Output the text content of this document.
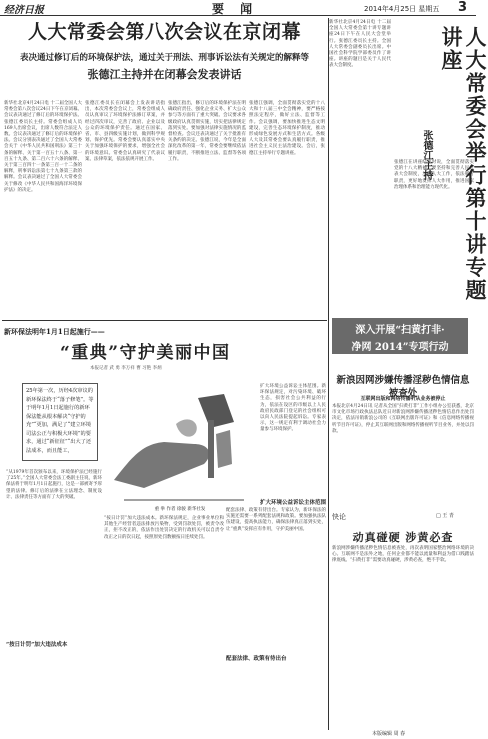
经济日报	要 闻	2014年4月25日 星期五 3
人大常委会第八次会议在京闭幕
表决通过修订后的环境保护法，通过关于刑法、刑事诉讼法有关规定的解释等
张德江主持并在闭幕会发表讲话
新华社北京4月24日电 十二届全国人大常委会第八次会议24日下午在京闭幕。会议表决通过了修订后的环境保护法。张德江委员长主持。常委会组成人员169人出席会议，出席人数符合法定人数。会议表决通过了修订后的环境保护法。会议分别表决通过了全国人大常委会关于《中华人民共和国刑法》第三十条的解释、关于第一百五十八条、第一百五十九条、第二百六十六条的解释、关于第三百四十一条第三百一十二条的解释，刑事诉讼法第七十九条第三款的解释。会议表决通过了全国人大常委会关于修改《中华人民共和国海洋环境保护法》的决定。
张德江委员长在闭幕会上发表讲话指出，本次常委会会议上，常委会组成人员认真审议了环境保护法修订草案，并经过四次审议，完善了政府、企业以及公众的环境保护责任。通过在国家、省、市、县四级实施计划，做到科学规划、保护优先。常委会要认真落实中央关于加强环境保护的要求，增强全社会的环境意识。常委会认真研究了代表议案、法律草案，依法依规开展工作。
张德江指出，修订后的环境保护法在明确政府责任、强化企业义务、扩大公众参与等方面有了重大突破。会议要求各级政府认真贯彻实施，切实把法律规定落到实处。要加强对法律实施情况的监督检查。会议还表决通过了关于批准有关条约的决定。张德江说，今年是全面深化改革的第一年，常委会要继续依法履行职责，不断推进立法、监督等各项工作。
张德江强调，全面贯彻落实党的十八大和十八届三中全会精神，要严格按照法定程序，做好立法、监督等工作。会议强调，要加快推进生态文明建设，完善生态环境保护制度，推动形成绿色发展方式和生活方式。各级人大及其常委会要认真履行职责，推进社会主义民主法治建设。会后，张德江主持举行专题讲座。
新华社北京4月24日电 十二届全国人大常委会第十讲专题讲座24日下午在人民大会堂举行。张德江委员长主持。全国人大常委会副委员长出席。中国社会科学院学部委员作了讲座。讲座的题目是关于人民代表大会制度。
张德江在讲座结束时说，全面贯彻落实党的十八大精神，要坚持和完善人民代表大会制度，加强人大工作，依法履行职责，更好地发挥人大作用，推进国家治理体系和治理能力现代化。 人大常委会举行第十讲专题讲座
张德江主持
深入开展“扫黄打非·
净网 2014”专项行动
新浪因网涉嫌传播淫秽色情信息被查处
互联网出版和网络传播听从业务被停止
本报北京4月24日讯 记者从全国“扫黄打非”工作小组办公室获悉，北京市文化市场行政执法总队近日对新浪网涉嫌传播淫秽色情信息作出处罚决定，依法吊销新浪公司的《互联网出版许可证》和《信息网络传播视听节目许可证》，停止其互联网出版和网络传播视听节目业务，并处以罚款。
快论	□ 王 青
动真碰硬 涉黄必查
新浪网涉嫌传播淫秽色情信息被查处，再次表明国家整治网络环境的决心。互联网不是法外之地，任何企业都不能以流量和利益为借口践踏法律底线。“扫黄打非”需要动真碰硬，涉黄必查，绝不手软。
新环保法明年1月1日起施行——
“重典”守护美丽中国
本报记者 武 勇 李万祥 曹 习艳 李炳
25年第一次，历经4次审议的新环保法终于“落子修笔”。等于明年1月1日起施行的新环保法能从根本解决“守护的充”“更加，满足了“建立环境司法公正与积极大环境”的要求，通过“新征征”“出大了还法成本，而且能工，
重 拳 作者 徐骏 新华社发
“从1979年首次颁布以来，环境保护法已经施行了25年。”全国人大常委会法工委副主任说，新环保法将于明年1月1日起施行，这是一部被寄予厚望的法律。修订后的法律在立法理念、制度设计、法律责任等方面有了大的突破。
“按日计罚”加大违法成本
“按日计罚”加大违法成本。新环保法规定，企业事业单位和其他生产经营者违法排放污染物，受到罚款处罚，被责令改正，拒不改正的，依法作出处罚决定的行政机关可以自责令改正之日的次日起，按照原处罚数额按日连续处罚。
扩大环境公益诉讼主体范围
扩大环境公益诉讼主体范围。新环保法规定，对污染环境、破坏生态，损害社会公共利益的行为，依法在设区的市级以上人民政府民政部门登记的社会组织可以向人民法院提起诉讼。专家表示，这一规定有利于调动社会力量参与环境保护。
配套法律、政策有待出台
配套法律、政策有待出台。专家认为，新环保法的实施还需要一系列配套法规和政策。要加强执法队伍建设，提高执法能力，确保法律真正落到实处，让“重典”发挥应有作用，守护美丽中国。
本版编辑 周 春
